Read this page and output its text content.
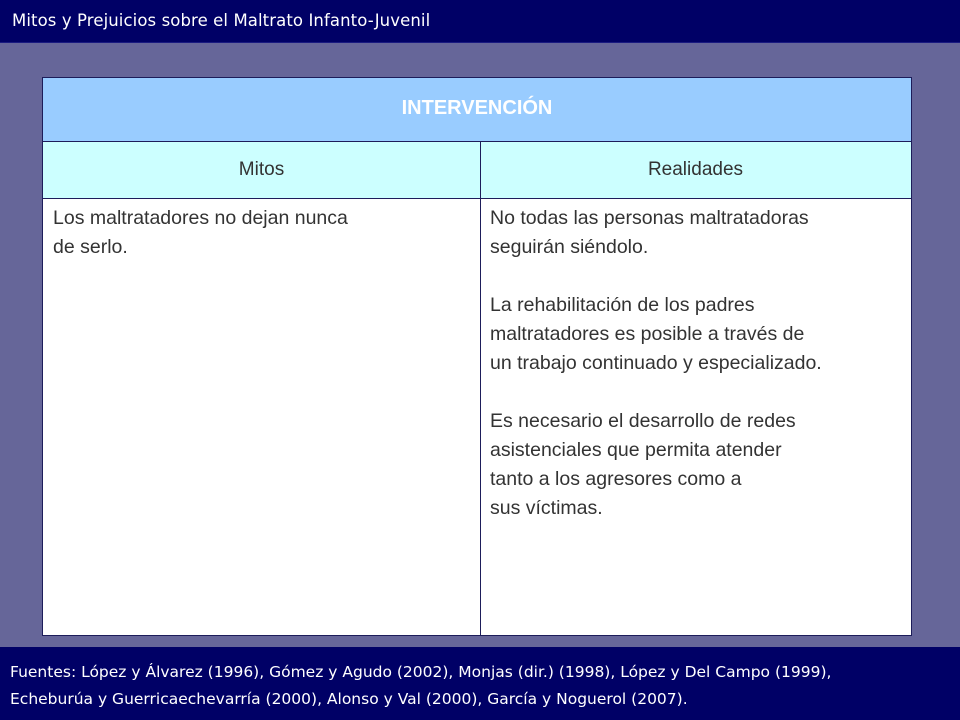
Mitos y Prejuicios sobre el Maltrato Infanto-Juvenil
INTERVENCIÓN
Mitos	Realidades

Los maltratadores no dejan nunca
de serlo.

No todas las personas maltratadoras
seguirán siéndolo.

La rehabilitación de los padres
maltratadores es posible a través de
un trabajo continuado y especializado.

Es necesario el desarrollo de redes
asistenciales que permita atender
tanto a los agresores como a
sus víctimas.

Fuentes: López y Álvarez (1996), Gómez y Agudo (2002), Monjas (dir.) (1998), López y Del Campo (1999),
Echeburúa y Guerricaechevarría (2000), Alonso y Val (2000), García y Noguerol (2007).
